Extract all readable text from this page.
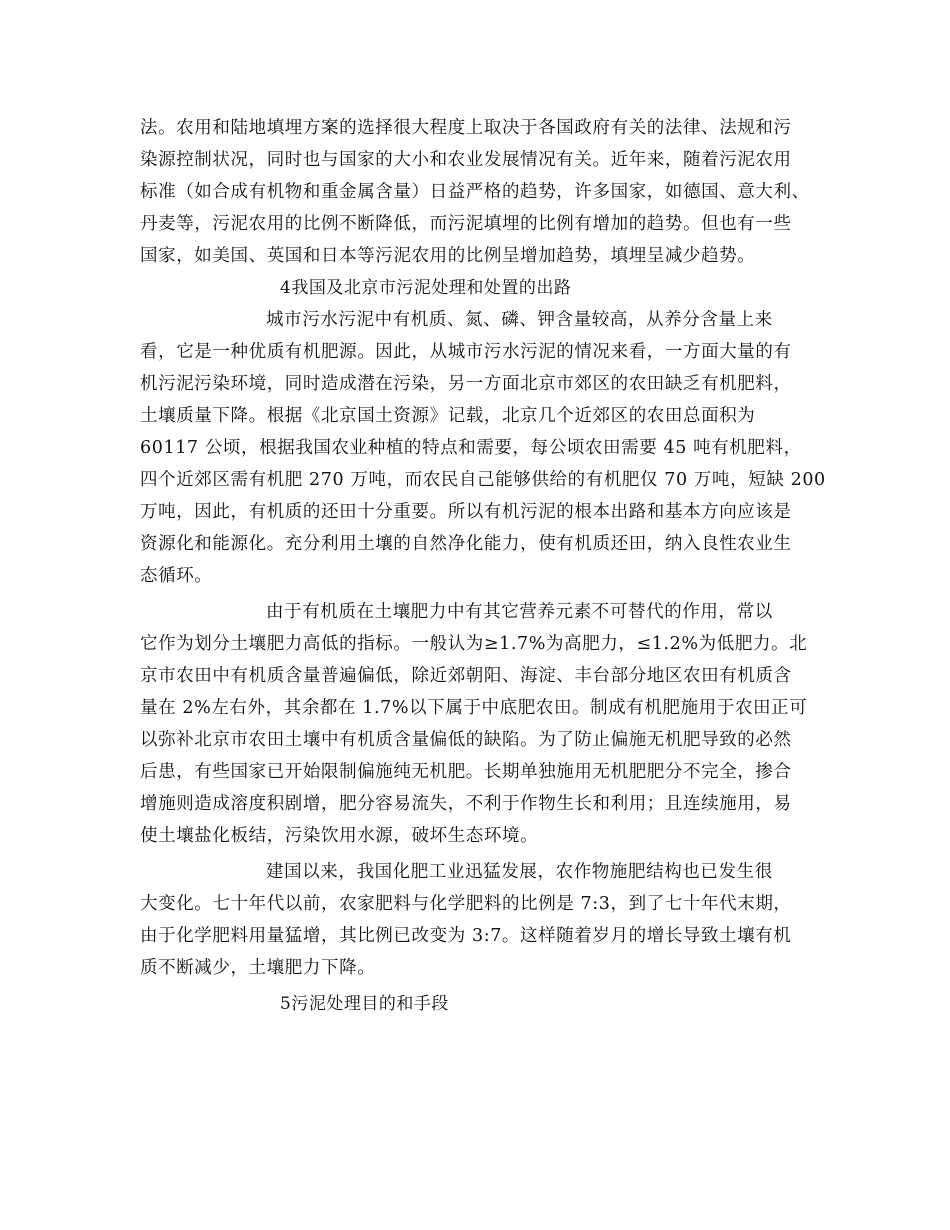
法。农用和陆地填埋方案的选择很大程度上取决于各国政府有关的法律、法规和污
染源控制状况，同时也与国家的大小和农业发展情况有关。近年来，随着污泥农用
标准（如合成有机物和重金属含量）日益严格的趋势，许多国家，如德国、意大利、
丹麦等，污泥农用的比例不断降低，而污泥填埋的比例有增加的趋势。但也有一些
国家，如美国、英国和日本等污泥农用的比例呈增加趋势，填埋呈减少趋势。
4我国及北京市污泥处理和处置的出路
城市污水污泥中有机质、氮、磷、钾含量较高，从养分含量上来
看，它是一种优质有机肥源。因此，从城市污水污泥的情况来看，一方面大量的有
机污泥污染环境，同时造成潜在污染，另一方面北京市郊区的农田缺乏有机肥料，
土壤质量下降。根据《北京国土资源》记载，北京几个近郊区的农田总面积为
60117 公顷，根据我国农业种植的特点和需要，每公顷农田需要 45 吨有机肥料，
四个近郊区需有机肥 270 万吨，而农民自己能够供给的有机肥仅 70 万吨，短缺 200
万吨，因此，有机质的还田十分重要。所以有机污泥的根本出路和基本方向应该是
资源化和能源化。充分利用土壤的自然净化能力，使有机质还田，纳入良性农业生
态循环。
由于有机质在土壤肥力中有其它营养元素不可替代的作用，常以
它作为划分土壤肥力高低的指标。一般认为≥1.7%为高肥力，≤1.2%为低肥力。北
京市农田中有机质含量普遍偏低，除近郊朝阳、海淀、丰台部分地区农田有机质含
量在 2%左右外，其余都在 1.7%以下属于中底肥农田。制成有机肥施用于农田正可
以弥补北京市农田土壤中有机质含量偏低的缺陷。为了防止偏施无机肥导致的必然
后患，有些国家已开始限制偏施纯无机肥。长期单独施用无机肥肥分不完全，掺合
增施则造成溶度积剧增，肥分容易流失，不利于作物生长和利用；且连续施用，易
使土壤盐化板结，污染饮用水源，破坏生态环境。
建国以来，我国化肥工业迅猛发展，农作物施肥结构也已发生很
大变化。七十年代以前，农家肥料与化学肥料的比例是 7:3，到了七十年代末期，
由于化学肥料用量猛增，其比例已改变为 3:7。这样随着岁月的增长导致土壤有机
质不断减少，土壤肥力下降。
5污泥处理目的和手段
